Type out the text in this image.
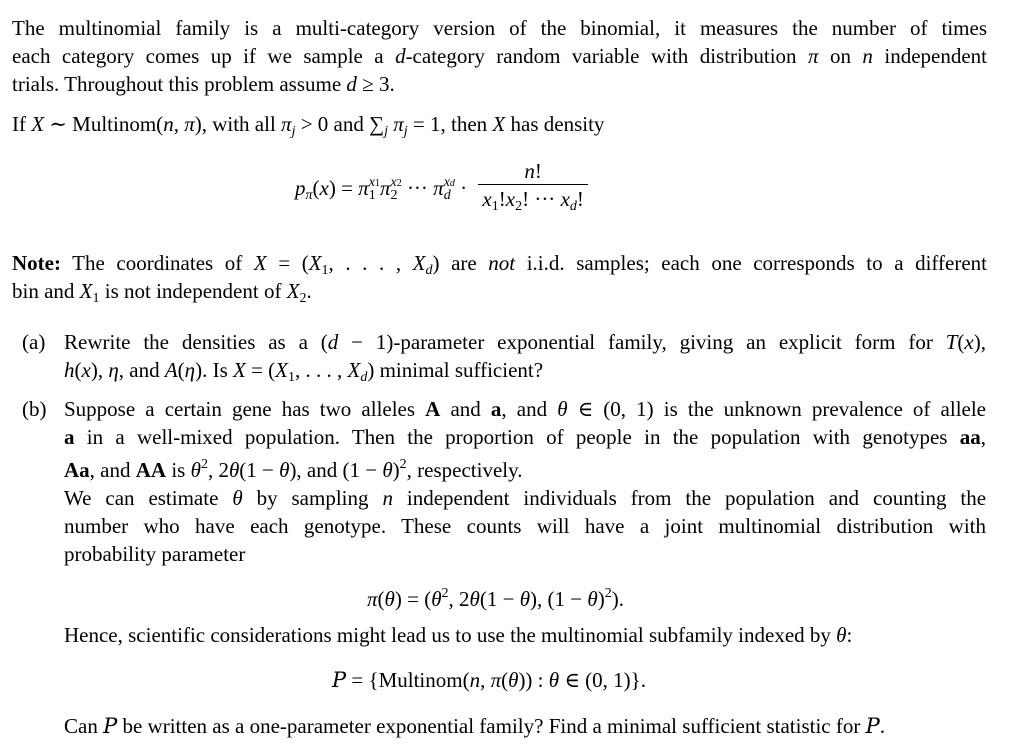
The multinomial family is a multi-category version of the binomial, it measures the number of times
each category comes up if we sample a d-category random variable with distribution π on n independent
trials. Throughout this problem assume d ≥ 3.
If X ∼ Multinom(n, π), with all $\pi_j > 0$ and $\sum_j$ $\pi_j = 1$, then X has density
$p_\pi(x) = \pi_1^{x1}\pi_2^{x2}$ ··· $\pi_d^{xd} \cdot \frac{n!}{x_1!x_2! \cdot\cdot\cdot x_d!}$
Note: The coordinates of $X = (X_1$, . . . , $X_d$) are not i.i.d. samples; each one corresponds to a different
bin and $X_1$ is not independent of $X_2$.
(a) Rewrite the densities as a (d − 1)-parameter exponential family, giving an explicit form for T(x),
h(x), η, and A(η). Is $X = (X_1$, . . . , $X_d$) minimal sufficient?
(b) Suppose a certain gene has two alleles A and a, and θ ∈ (0, 1) is the unknown prevalence of allele
a in a well-mixed population. Then the proportion of people in the population with genotypes aa,
Aa, and AA is $\theta^2$, 2θ(1 − θ), and $(1 - \theta)^2$, respectively.
We can estimate θ by sampling n independent individuals from the population and counting the
number who have each genotype. These counts will have a joint multinomial distribution with
probability parameter
$\pi(\theta) = (\theta^2$, 2θ(1 − θ), $(1 - \theta)^2$).
Hence, scientific considerations might lead us to use the multinomial subfamily indexed by θ:
P = {Multinom(n, π(θ)) : θ ∈ (0, 1)}.
Can P be written as a one-parameter exponential family? Find a minimal sufficient statistic for P.
